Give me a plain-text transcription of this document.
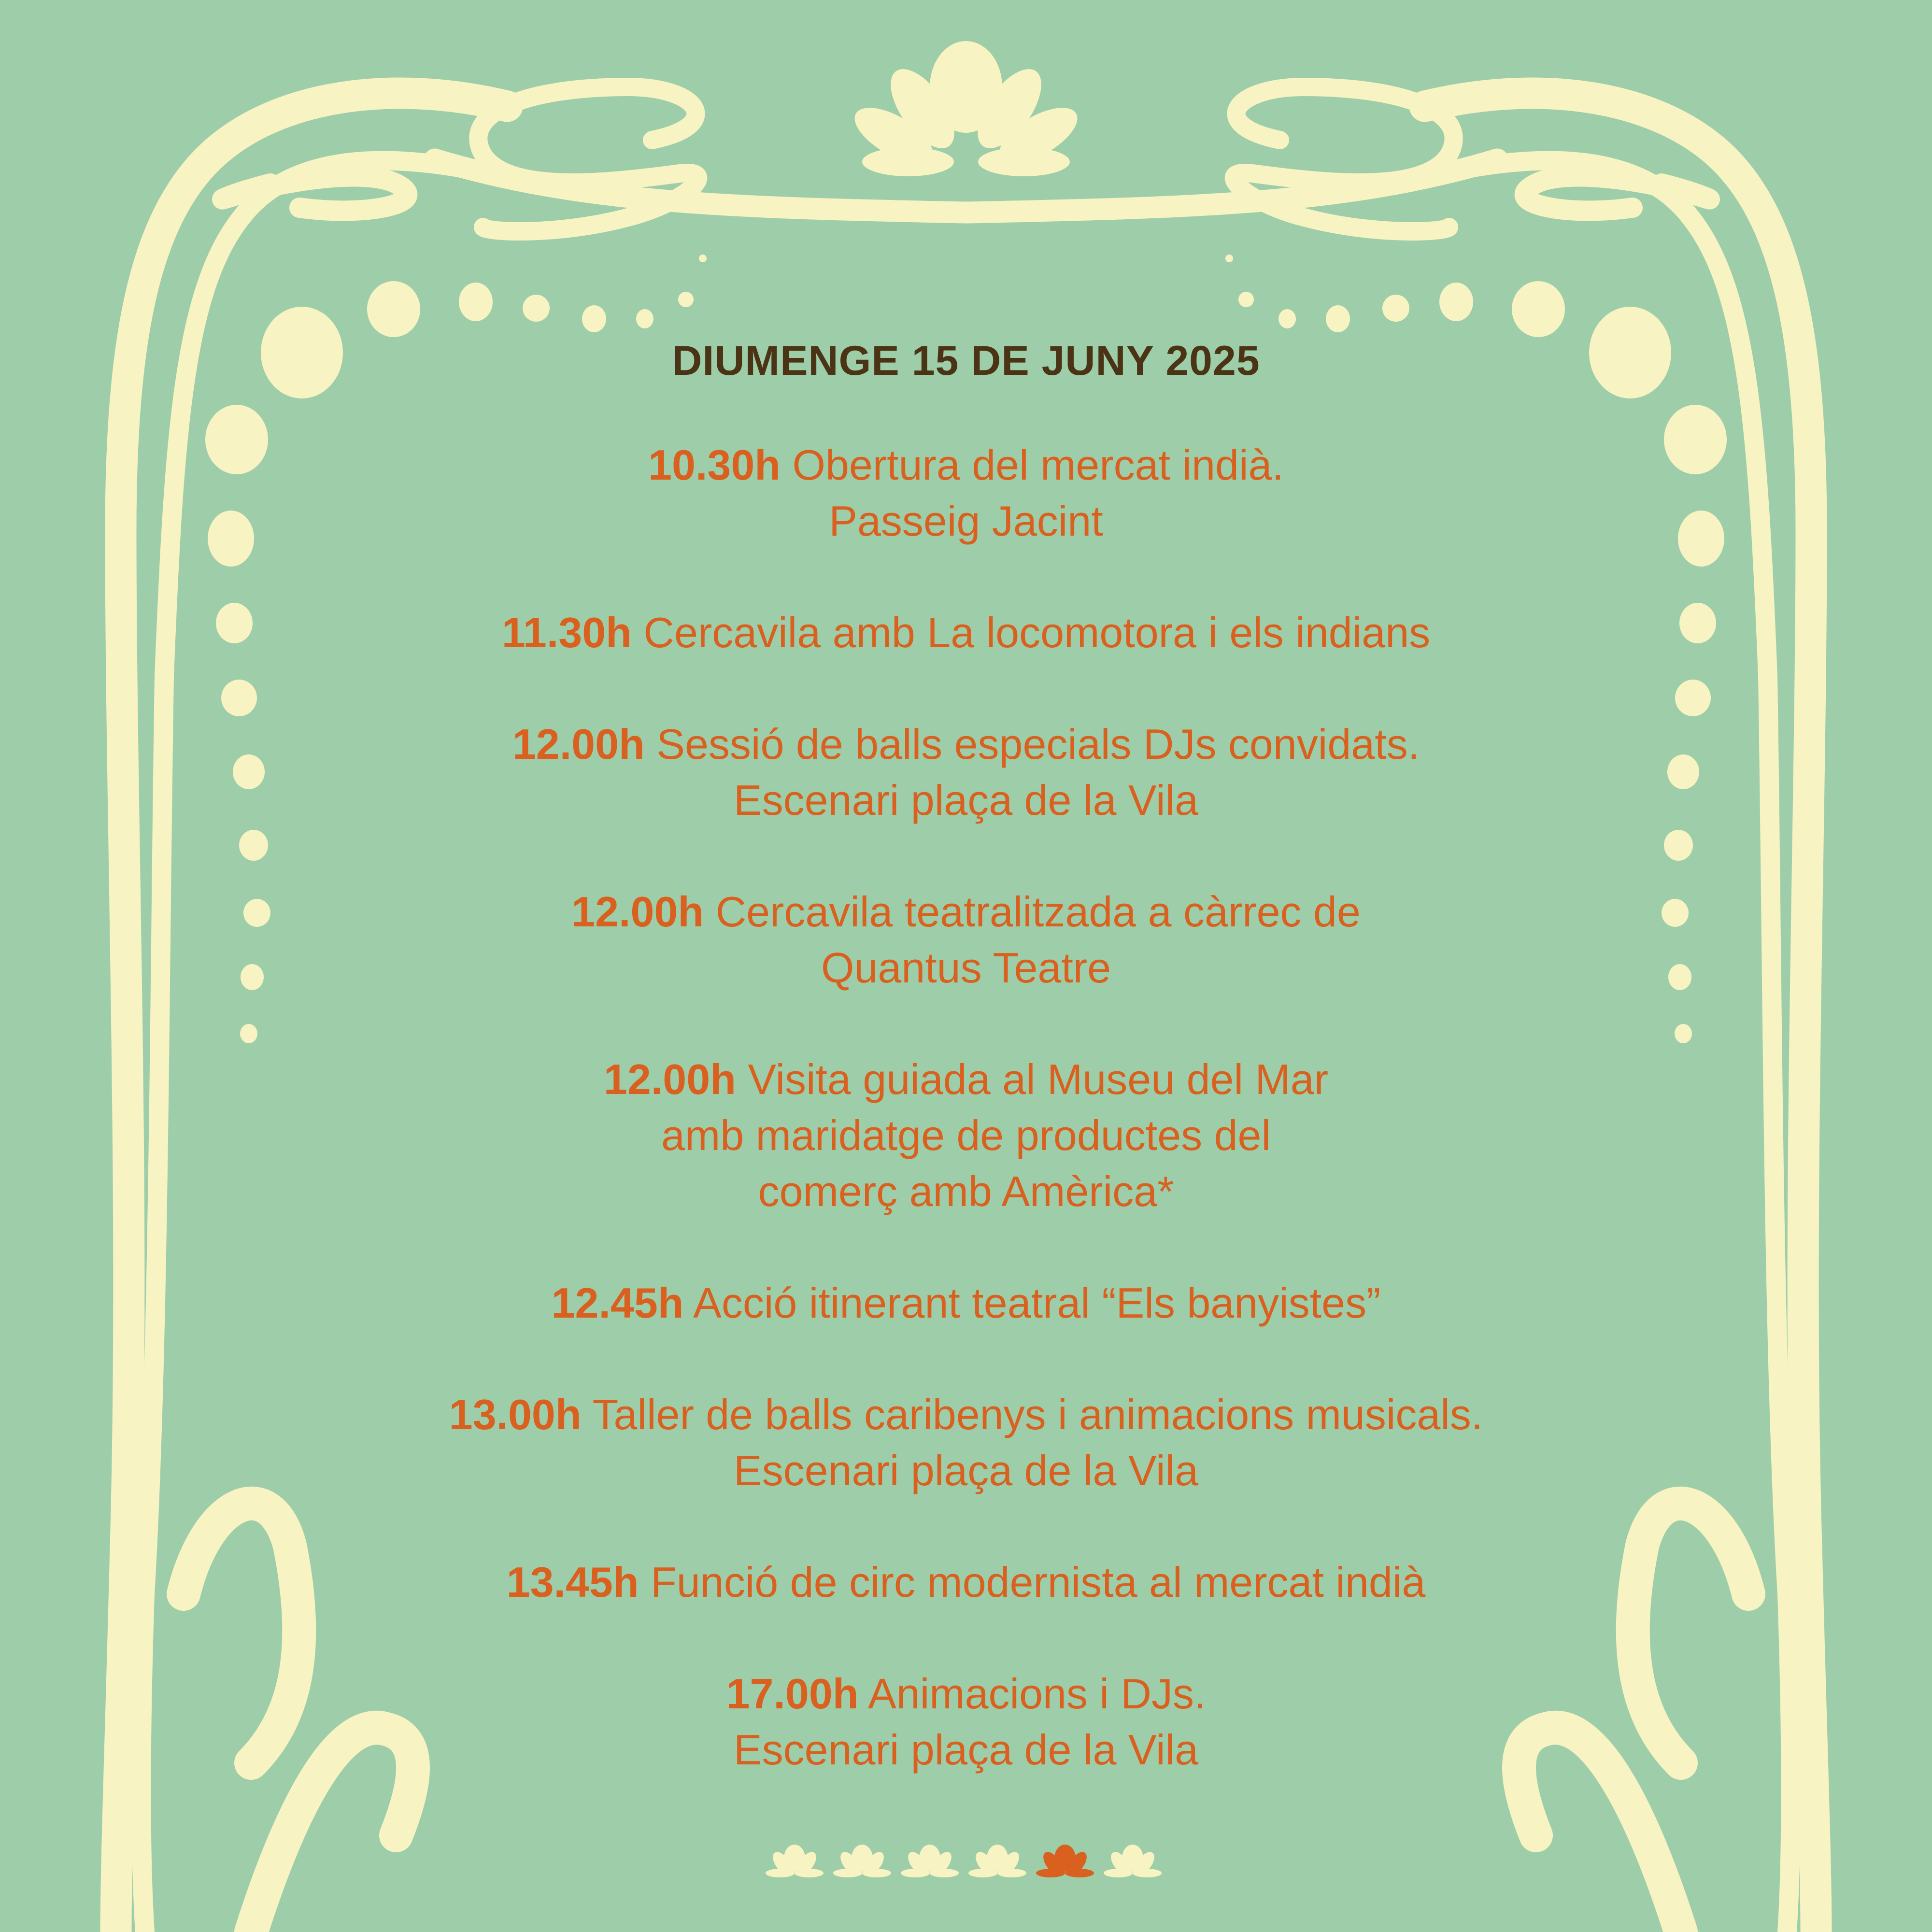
DIUMENGE 15 DE JUNY 2025
10.30h Obertura del mercat indià.
Passeig Jacint
11.30h Cercavila amb La locomotora i els indians
12.00h Sessió de balls especials DJs convidats.
Escenari plaça de la Vila
12.00h Cercavila teatralitzada a càrrec de
Quantus Teatre
12.00h Visita guiada al Museu del Mar
amb maridatge de productes del
comerç amb Amèrica*
12.45h Acció itinerant teatral “Els banyistes”
13.00h Taller de balls caribenys i animacions musicals.
Escenari plaça de la Vila
13.45h Funció de circ modernista al mercat indià
17.00h Animacions i DJs.
Escenari plaça de la Vila
